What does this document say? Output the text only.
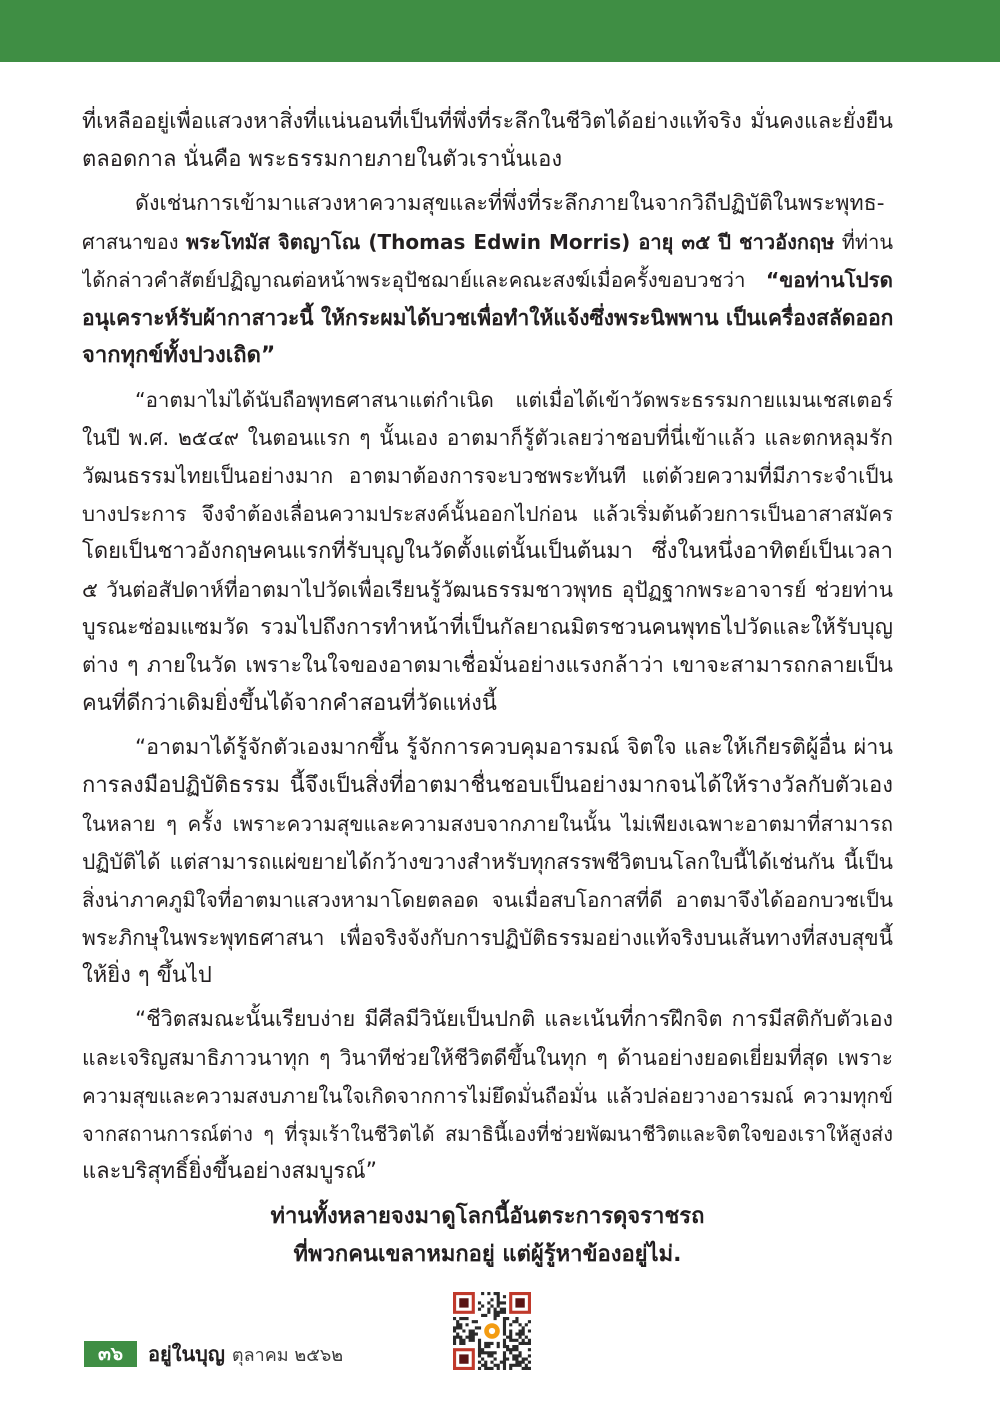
ที่เหลืออยู่เพื่อแสวงหาสิ่งที่แน่นอนที่เป็นที่พึ่งที่ระลึกในชีวิตได้อย่างแท้จริง มั่นคงและยั่งยืน
ตลอดกาล นั่นคือ พระธรรมกายภายในตัวเรานั่นเอง
ดังเช่นการเข้ามาแสวงหาความสุขและที่พึ่งที่ระลึกภายในจากวิถีปฏิบัติในพระพุทธ-
ศาสนาของ พระโทมัส จิตญาโณ (Thomas Edwin Morris) อายุ ๓๕ ปี ชาวอังกฤษ ที่ท่าน
ได้กล่าวคำสัตย์ปฏิญาณต่อหน้าพระอุปัชฌาย์และคณะสงฆ์เมื่อครั้งขอบวชว่า “ขอท่านโปรด
อนุเคราะห์รับผ้ากาสาวะนี้ ให้กระผมได้บวชเพื่อทำให้แจ้งซึ่งพระนิพพาน เป็นเครื่องสลัดออก
จากทุกข์ทั้งปวงเถิด”
“อาตมาไม่ได้นับถือพุทธศาสนาแต่กำเนิด แต่เมื่อได้เข้าวัดพระธรรมกายแมนเชสเตอร์
ในปี พ.ศ. ๒๕๔๙ ในตอนแรก ๆ นั้นเอง อาตมาก็รู้ตัวเลยว่าชอบที่นี่เข้าแล้ว และตกหลุมรัก
วัฒนธรรมไทยเป็นอย่างมาก อาตมาต้องการจะบวชพระทันที แต่ด้วยความที่มีภาระจำเป็น
บางประการ จึงจำต้องเลื่อนความประสงค์นั้นออกไปก่อน แล้วเริ่มต้นด้วยการเป็นอาสาสมัคร
โดยเป็นชาวอังกฤษคนแรกที่รับบุญในวัดตั้งแต่นั้นเป็นต้นมา ซึ่งในหนึ่งอาทิตย์เป็นเวลา
๕ วันต่อสัปดาห์ที่อาตมาไปวัดเพื่อเรียนรู้วัฒนธรรมชาวพุทธ อุปัฏฐากพระอาจารย์ ช่วยท่าน
บูรณะซ่อมแซมวัด รวมไปถึงการทำหน้าที่เป็นกัลยาณมิตรชวนคนพุทธไปวัดและให้รับบุญ
ต่าง ๆ ภายในวัด เพราะในใจของอาตมาเชื่อมั่นอย่างแรงกล้าว่า เขาจะสามารถกลายเป็น
คนที่ดีกว่าเดิมยิ่งขึ้นได้จากคำสอนที่วัดแห่งนี้
“อาตมาได้รู้จักตัวเองมากขึ้น รู้จักการควบคุมอารมณ์ จิตใจ และให้เกียรติผู้อื่น ผ่าน
การลงมือปฏิบัติธรรม นี้จึงเป็นสิ่งที่อาตมาชื่นชอบเป็นอย่างมากจนได้ให้รางวัลกับตัวเอง
ในหลาย ๆ ครั้ง เพราะความสุขและความสงบจากภายในนั้น ไม่เพียงเฉพาะอาตมาที่สามารถ
ปฏิบัติได้ แต่สามารถแผ่ขยายได้กว้างขวางสำหรับทุกสรรพชีวิตบนโลกใบนี้ได้เช่นกัน นี้เป็น
สิ่งน่าภาคภูมิใจที่อาตมาแสวงหามาโดยตลอด จนเมื่อสบโอกาสที่ดี อาตมาจึงได้ออกบวชเป็น
พระภิกษุในพระพุทธศาสนา เพื่อจริงจังกับการปฏิบัติธรรมอย่างแท้จริงบนเส้นทางที่สงบสุขนี้
ให้ยิ่ง ๆ ขึ้นไป
“ชีวิตสมณะนั้นเรียบง่าย มีศีลมีวินัยเป็นปกติ และเน้นที่การฝึกจิต การมีสติกับตัวเอง
และเจริญสมาธิภาวนาทุก ๆ วินาทีช่วยให้ชีวิตดีขึ้นในทุก ๆ ด้านอย่างยอดเยี่ยมที่สุด เพราะ
ความสุขและความสงบภายในใจเกิดจากการไม่ยึดมั่นถือมั่น แล้วปล่อยวางอารมณ์ ความทุกข์
จากสถานการณ์ต่าง ๆ ที่รุมเร้าในชีวิตได้ สมาธินี้เองที่ช่วยพัฒนาชีวิตและจิตใจของเราให้สูงส่ง
และบริสุทธิ์ยิ่งขึ้นอย่างสมบูรณ์”
ท่านทั้งหลายจงมาดูโลกนี้อันตระการดุจราชรถ
ที่พวกคนเขลาหมกอยู่ แต่ผู้รู้หาข้องอยู่ไม่.
๓๖	อยู่ในบุญ ตุลาคม ๒๕๖๒
